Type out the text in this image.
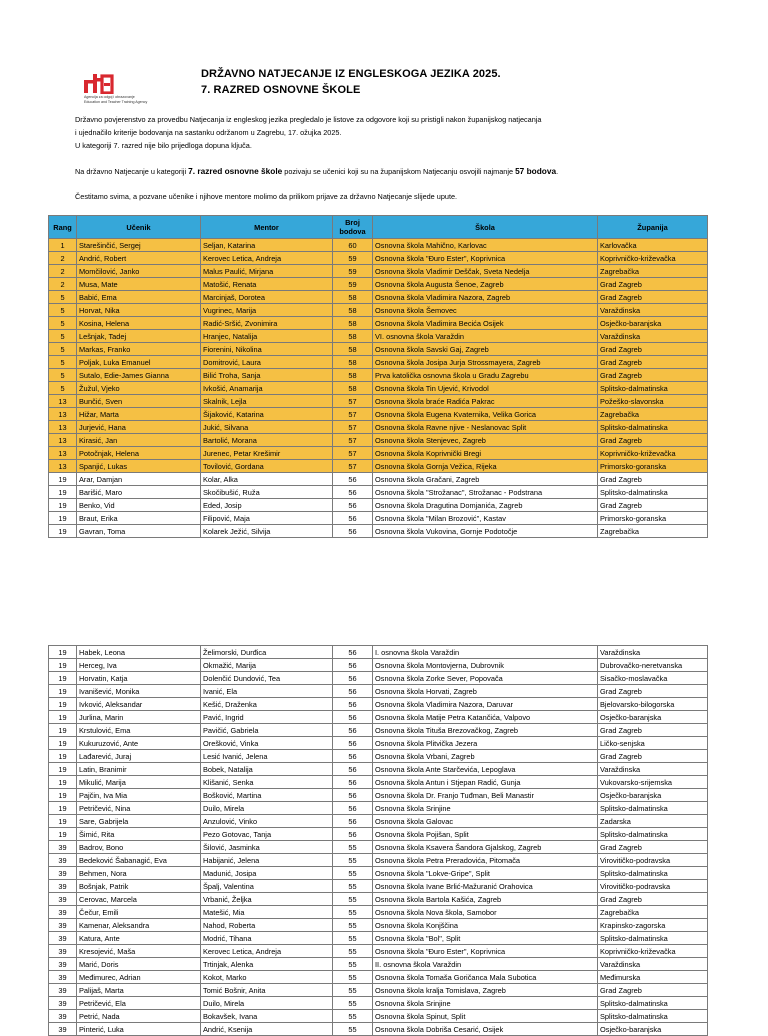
Agencija za odgoj i obrazovanje
Education and Teacher Training Agency
DRŽAVNO NATJECANJE IZ ENGLESKOGA JEZIKA 2025.
7. RAZRED OSNOVNE ŠKOLE
Državno povjerenstvo za provedbu Natjecanja iz engleskog jezika pregledalo je listove za odgovore koji su pristigli nakon županijskog natjecanja
i ujednačilo kriterije bodovanja na sastanku održanom u Zagrebu, 17. ožujka 2025.
U kategoriji 7. razred nije bilo prijedloga dopuna ključa.
Na državno Natjecanje u kategoriji 7. razred osnovne škole pozivaju se učenici koji su na županijskom Natjecanju osvojili najmanje 57 bodova.
Čestitamo svima, a pozvane učenike i njihove mentore molimo da prilikom prijave za državno Natjecanje slijede upute.
Rang	Učenik	Mentor	Broj bodova	Škola	Županija
1	Starešinčić, Sergej	Seljan, Katarina	60	Osnovna škola Mahično, Karlovac	Karlovačka
2	Andrić, Robert	Kerovec Letica, Andreja	59	Osnovna škola "Đuro Ester", Koprivnica	Koprivničko-križevačka
2	Momčilović, Janko	Malus Paulić, Mirjana	59	Osnovna škola Vladimir Deščak, Sveta Nedelja	Zagrebačka
2	Musa, Mate	Matošić, Renata	59	Osnovna škola Augusta Šenoe, Zagreb	Grad Zagreb
5	Babić, Ema	Marcinjaš, Dorotea	58	Osnovna škola Vladimira Nazora, Zagreb	Grad Zagreb
5	Horvat, Nika	Vugrinec, Marija	58	Osnovna škola Šemovec	Varaždinska
5	Kosina, Helena	Radić-Sršić, Zvonimira	58	Osnovna škola Vladimira Becića Osijek	Osječko-baranjska
5	Lešnjak, Tadej	Hranjec, Natalija	58	VI. osnovna škola Varaždin	Varaždinska
5	Markas, Franko	Fiorenini, Nikolina	58	Osnovna škola Savski Gaj, Zagreb	Grad Zagreb
5	Poljak, Luka Emanuel	Domitrović, Laura	58	Osnovna škola Josipa Jurja Strossmayera, Zagreb	Grad Zagreb
5	Sutalo, Edie-James Gianna	Bilić Troha, Sanja	58	Prva katolička osnovna škola u Gradu Zagrebu	Grad Zagreb
5	Žužul, Vjeko	Ivkošić, Anamarija	58	Osnovna škola Tin Ujević, Krivodol	Splitsko-dalmatinska
13	Bunčić, Sven	Skalnik, Lejla	57	Osnovna škola braće Radića Pakrac	Požeško-slavonska
13	Hižar, Marta	Šijaković, Katarina	57	Osnovna škola Eugena Kvaternika, Velika Gorica	Zagrebačka
13	Jurjević, Hana	Jukić, Silvana	57	Osnovna škola Ravne njive - Neslanovac Split	Splitsko-dalmatinska
13	Kirasić, Jan	Bartolić, Morana	57	Osnovna škola Stenjevec, Zagreb	Grad Zagreb
13	Potočnjak, Helena	Jurenec, Petar Krešimir	57	Osnovna škola Koprivnički Bregi	Koprivničko-križevačka
13	Spanjić, Lukas	Tovilović, Gordana	57	Osnovna škola Gornja Vežica, Rijeka	Primorsko-goranska
19	Arar, Damjan	Kolar, Alka	56	Osnovna škola Gračani, Zagreb	Grad Zagreb
19	Barišić, Maro	Skočibušić, Ruža	56	Osnovna škola "Strožanac", Strožanac - Podstrana	Splitsko-dalmatinska
19	Benko, Vid	Eded, Josip	56	Osnovna škola Dragutina Domjanića, Zagreb	Grad Zagreb
19	Braut, Erika	Filipović, Maja	56	Osnovna škola "Milan Brozović", Kastav	Primorsko-goranska
19	Gavran, Toma	Kolarek Ježić, Silvija	56	Osnovna škola Vukovina, Gornje Podotočje	Zagrebačka
19	Habek, Leona	Želimorski, Durđica	56	I. osnovna škola Varaždin	Varaždinska
19	Herceg, Iva	Okmažić, Marija	56	Osnovna škola Montovjerna, Dubrovnik	Dubrovačko-neretvanska
19	Horvatin, Katja	Dolenčić Dundović, Tea	56	Osnovna škola Zorke Sever, Popovača	Sisačko-moslavačka
19	Ivanišević, Monika	Ivanić, Ela	56	Osnovna škola Horvati, Zagreb	Grad Zagreb
19	Ivković, Aleksandar	Kešić, Draženka	56	Osnovna škola Vladimira Nazora, Daruvar	Bjelovarsko-bilogorska
19	Jurlina, Marin	Pavić, Ingrid	56	Osnovna škola Matije Petra Katančića, Valpovo	Osječko-baranjska
19	Krstulović, Ema	Pavičić, Gabriela	56	Osnovna škola Tituša Brezovačkog, Zagreb	Grad Zagreb
19	Kukuruzović, Ante	Orešković, Vinka	56	Osnovna škola Plitvička Jezera	Ličko-senjska
19	Lađarević, Juraj	Lesić Ivanić, Jelena	56	Osnovna škola Vrbani, Zagreb	Grad Zagreb
19	Latin, Branimir	Bobek, Natalija	56	Osnovna škola Ante Starčevića, Lepoglava	Varaždinska
19	Mikulić, Marija	Klišanić, Senka	56	Osnovna škola Antun i Stjepan Radić, Gunja	Vukovarsko-srijemska
19	Pajčin, Iva Mia	Bošković, Martina	56	Osnovna škola Dr. Franjo Tuđman, Beli Manastir	Osječko-baranjska
19	Petričević, Nina	Duilo, Mirela	56	Osnovna škola Srinjine	Splitsko-dalmatinska
19	Sare, Gabrijela	Anzulović, Vinko	56	Osnovna škola Galovac	Zadarska
19	Šimić, Rita	Pezo Gotovac, Tanja	56	Osnovna škola Pojišan, Split	Splitsko-dalmatinska
39	Badrov, Bono	Šilović, Jasminka	55	Osnovna škola Ksavera Šandora Gjalskog, Zagreb	Grad Zagreb
39	Bedeković Šabanagić, Eva	Habijanić, Jelena	55	Osnovna škola Petra Preradovića, Pitomača	Virovitičko-podravska
39	Behmen, Nora	Madunić, Josipa	55	Osnovna škola "Lokve-Gripe", Split	Splitsko-dalmatinska
39	Bošnjak, Patrik	Špalj, Valentina	55	Osnovna škola Ivane Brlić-Mažuranić Orahovica	Virovitičko-podravska
39	Cerovac, Marcela	Vrbanić, Željka	55	Osnovna škola Bartola Kašića, Zagreb	Grad Zagreb
39	Čečur, Emili	Matešić, Mia	55	Osnovna škola Nova škola, Samobor	Zagrebačka
39	Kamenar, Aleksandra	Nahod, Roberta	55	Osnovna škola Konjščina	Krapinsko-zagorska
39	Katura, Ante	Modrić, Tihana	55	Osnovna škola "Bol", Split	Splitsko-dalmatinska
39	Kresojević, Maša	Kerovec Letica, Andreja	55	Osnovna škola "Đuro Ester", Koprivnica	Koprivničko-križevačka
39	Marić, Doris	Trtinjak, Alenka	55	II. osnovna škola Varaždin	Varaždinska
39	Međimurec, Adrian	Kokot, Marko	55	Osnovna škola Tomaša Goričanca Mala Subotica	Međimurska
39	Palijaš, Marta	Tomić Bošnir, Anita	55	Osnovna škola kralja Tomislava, Zagreb	Grad Zagreb
39	Petričević, Ela	Duilo, Mirela	55	Osnovna škola Srinjine	Splitsko-dalmatinska
39	Petrić, Nada	Bokavšek, Ivana	55	Osnovna škola Spinut, Split	Splitsko-dalmatinska
39	Pinterić, Luka	Andrić, Ksenija	55	Osnovna škola Dobriša Cesarić, Osijek	Osječko-baranjska
